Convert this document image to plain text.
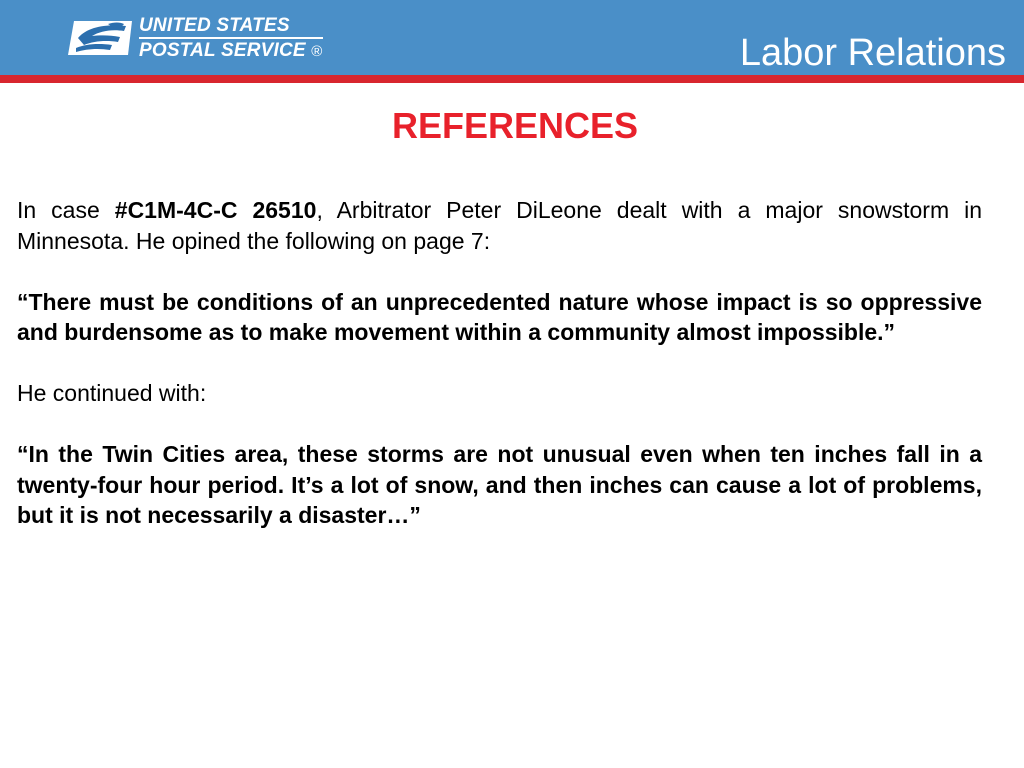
UNITED STATES
POSTAL SERVICE ®	Labor Relations
REFERENCES

In case #C1M-4C-C 26510, Arbitrator Peter DiLeone dealt with a major snowstorm in Minnesota. He opined the following on page 7:

“There must be conditions of an unprecedented nature whose impact is so oppressive and burdensome as to make movement within a community almost impossible.”

He continued with:

“In the Twin Cities area, these storms are not unusual even when ten inches fall in a twenty-four hour period. It’s a lot of snow, and then inches can cause a lot of problems, but it is not necessarily a disaster…”
